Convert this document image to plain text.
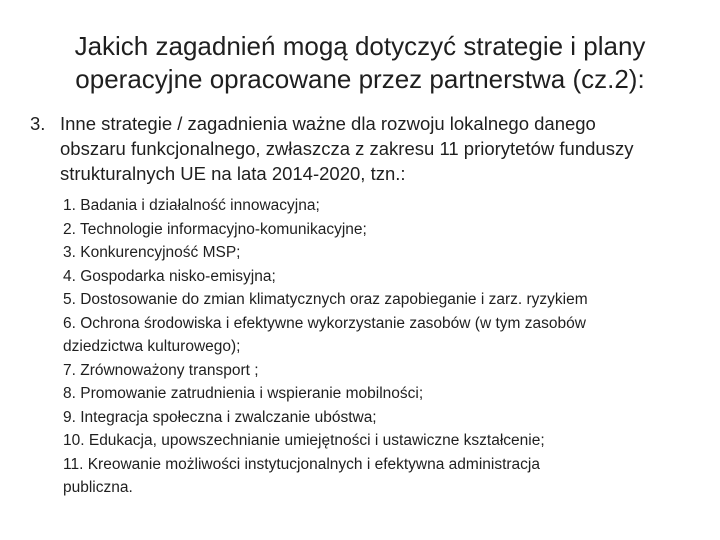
Jakich zagadnień mogą dotyczyć strategie i plany
operacyjne opracowane przez partnerstwa (cz.2):
3. Inne strategie / zagadnienia ważne dla rozwoju lokalnego danego
obszaru funkcjonalnego, zwłaszcza z zakresu 11 priorytetów funduszy
strukturalnych UE na lata 2014-2020, tzn.:
1. Badania i działalność innowacyjna;
2. Technologie informacyjno-komunikacyjne;
3. Konkurencyjność MSP;
4. Gospodarka nisko-emisyjna;
5. Dostosowanie do zmian klimatycznych oraz zapobieganie i zarz. ryzykiem
6. Ochrona środowiska i efektywne wykorzystanie zasobów (w tym zasobów
dziedzictwa kulturowego);
7. Zrównoważony transport ;
8. Promowanie zatrudnienia i wspieranie mobilności;
9. Integracja społeczna i zwalczanie ubóstwa;
10. Edukacja, upowszechnianie umiejętności i ustawiczne kształcenie;
11. Kreowanie możliwości instytucjonalnych i efektywna administracja
publiczna.
